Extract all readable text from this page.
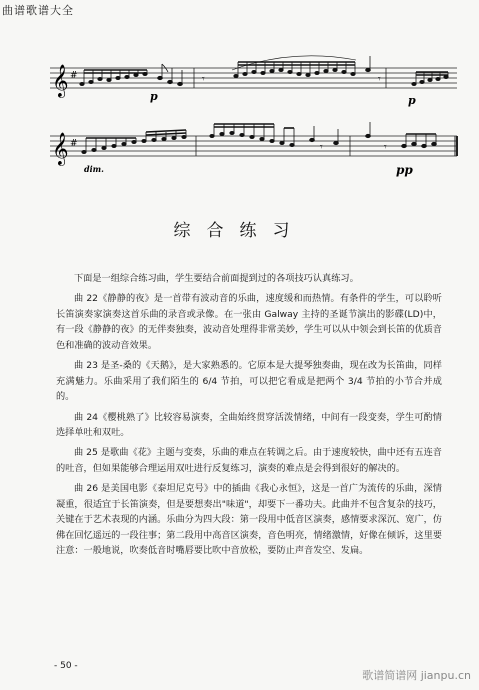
曲谱歌谱大全
𝄞 #	𝄾	𝄾
p	p
𝄞 #	𝄾	𝄾
dim.	pp
综合练习

下面是一组综合练习曲，学生要结合前面提到过的各项技巧认真练习。

曲 22《静静的夜》是一首带有波动音的乐曲，速度缓和而热情。有条件的学生，可以聆听长笛演奏家演奏这首乐曲的录音或录像。在一张由 Galway 主持的圣诞节演出的影碟(LD)中，有一段《静静的夜》的无伴奏独奏，波动音处理得非常美妙，学生可以从中领会到长笛的优质音色和准确的波动音效果。

曲 23 是圣-桑的《天鹅》，是大家熟悉的。它原本是大提琴独奏曲，现在改为长笛曲，同样充满魅力。乐曲采用了我们陌生的 6/4 节拍，可以把它看成是把两个 3/4 节拍的小节合并成的。

曲 24《樱桃熟了》比较容易演奏，全曲始终贯穿活泼情绪，中间有一段变奏，学生可酌情选择单吐和双吐。

曲 25 是歌曲《花》主题与变奏，乐曲的难点在转调之后。由于速度较快，曲中还有五连音的吐音，但如果能够合理运用双吐进行反复练习，演奏的难点是会得到很好的解决的。

曲 26 是美国电影《泰坦尼克号》中的插曲《我心永恒》，这是一首广为流传的乐曲，深情凝重，很适宜于长笛演奏，但是要想奏出"味道"，却要下一番功夫。此曲并不包含复杂的技巧，关键在于艺术表现的内涵。乐曲分为四大段：第一段用中低音区演奏，感情要求深沉、宽广，仿佛在回忆遥远的一段往事；第二段用中高音区演奏，音色明亮，情绪激情，好像在倾诉，这里要注意：一般地说，吹奏低音时嘴唇要比吹中音放松，要防止声音发空、发扁。

- 50 -
歌谱简谱网 jianpu.cn
